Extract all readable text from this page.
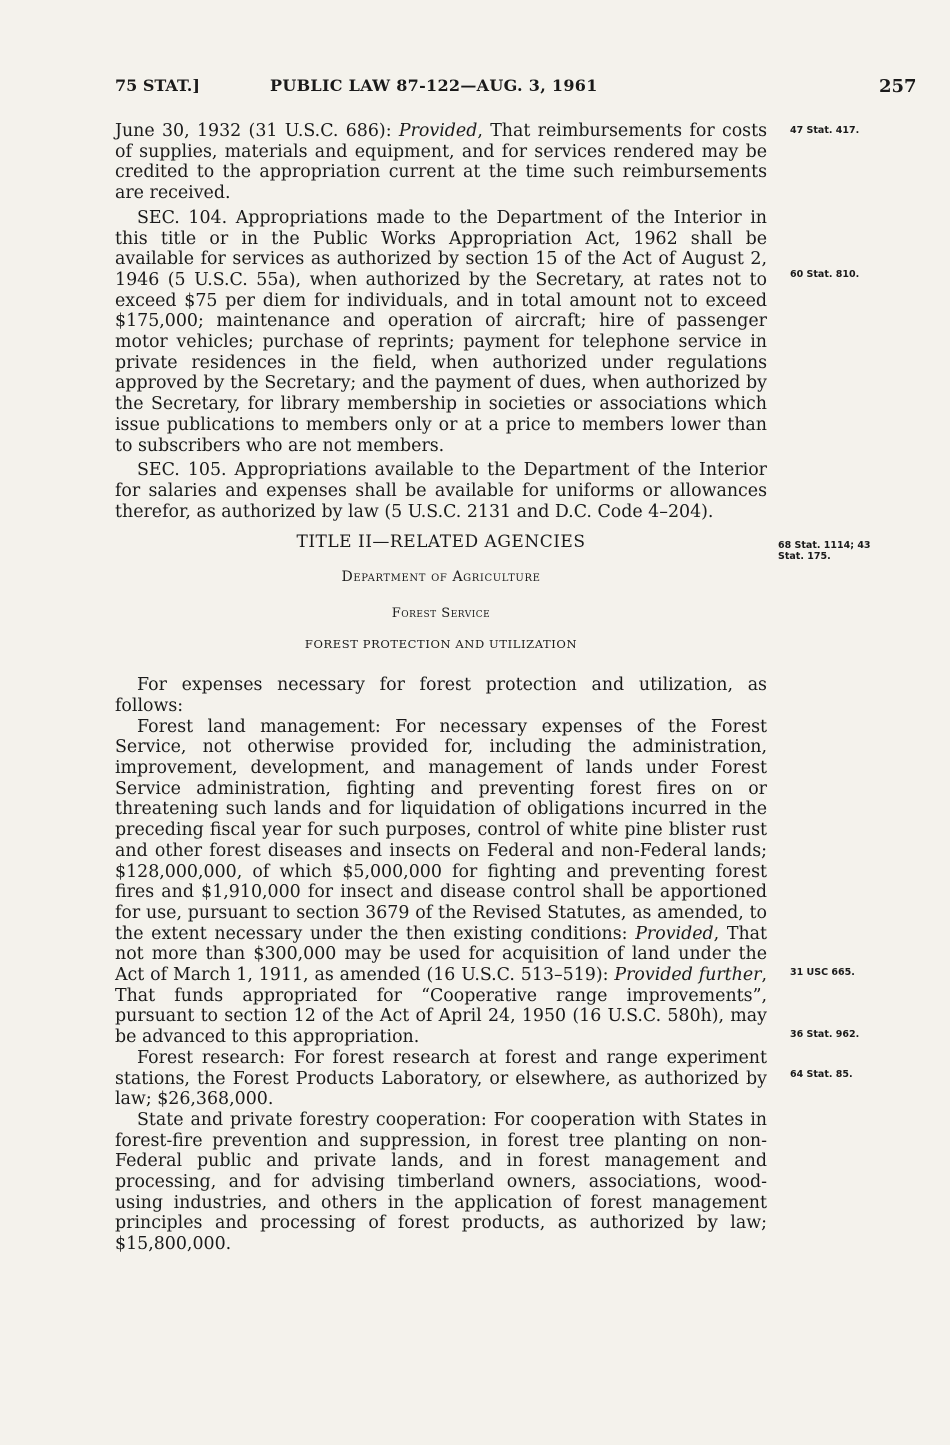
75 STAT.]	PUBLIC LAW 87-122—AUG. 3, 1961	257
47 Stat. 417.
60 Stat. 810.
68 Stat. 1114; 43
Stat. 175.
31 USC 665.
36 Stat. 962.
64 Stat. 85.

June 30, 1932 (31 U.S.C. 686): Provided, That reimbursements for costs of supplies, materials and equipment, and for services rendered may be credited to the appropriation current at the time such reimbursements are received.

SEC. 104. Appropriations made to the Department of the Interior in this title or in the Public Works Appropriation Act, 1962 shall be available for services as authorized by section 15 of the Act of August 2, 1946 (5 U.S.C. 55a), when authorized by the Secretary, at rates not to exceed $75 per diem for individuals, and in total amount not to exceed $175,000; maintenance and operation of aircraft; hire of passenger motor vehicles; purchase of reprints; payment for telephone service in private residences in the field, when authorized under regulations approved by the Secretary; and the payment of dues, when authorized by the Secretary, for library membership in societies or associations which issue publications to members only or at a price to members lower than to subscribers who are not members.

SEC. 105. Appropriations available to the Department of the Interior for salaries and expenses shall be available for uniforms or allowances therefor, as authorized by law (5 U.S.C. 2131 and D.C. Code 4–204).

TITLE II—RELATED AGENCIES
Department of Agriculture
Forest Service
FOREST PROTECTION AND UTILIZATION

For expenses necessary for forest protection and utilization, as follows:

Forest land management: For necessary expenses of the Forest Service, not otherwise provided for, including the administration, improvement, development, and management of lands under Forest Service administration, fighting and preventing forest fires on or threatening such lands and for liquidation of obligations incurred in the preceding fiscal year for such purposes, control of white pine blister rust and other forest diseases and insects on Federal and non-Federal lands; $128,000,000, of which $5,000,000 for fighting and preventing forest fires and $1,910,000 for insect and disease control shall be apportioned for use, pursuant to section 3679 of the Revised Statutes, as amended, to the extent necessary under the then existing conditions: Provided, That not more than $300,000 may be used for acquisition of land under the Act of March 1, 1911, as amended (16 U.S.C. 513–519): Provided further, That funds appropriated for “Cooperative range improvements”, pursuant to section 12 of the Act of April 24, 1950 (16 U.S.C. 580h), may be advanced to this appropriation.

Forest research: For forest research at forest and range experiment stations, the Forest Products Laboratory, or elsewhere, as authorized by law; $26,368,000.

State and private forestry cooperation: For cooperation with States in forest-fire prevention and suppression, in forest tree planting on non-Federal public and private lands, and in forest management and processing, and for advising timberland owners, associations, wood-using industries, and others in the application of forest management principles and processing of forest products, as authorized by law; $15,800,000.
